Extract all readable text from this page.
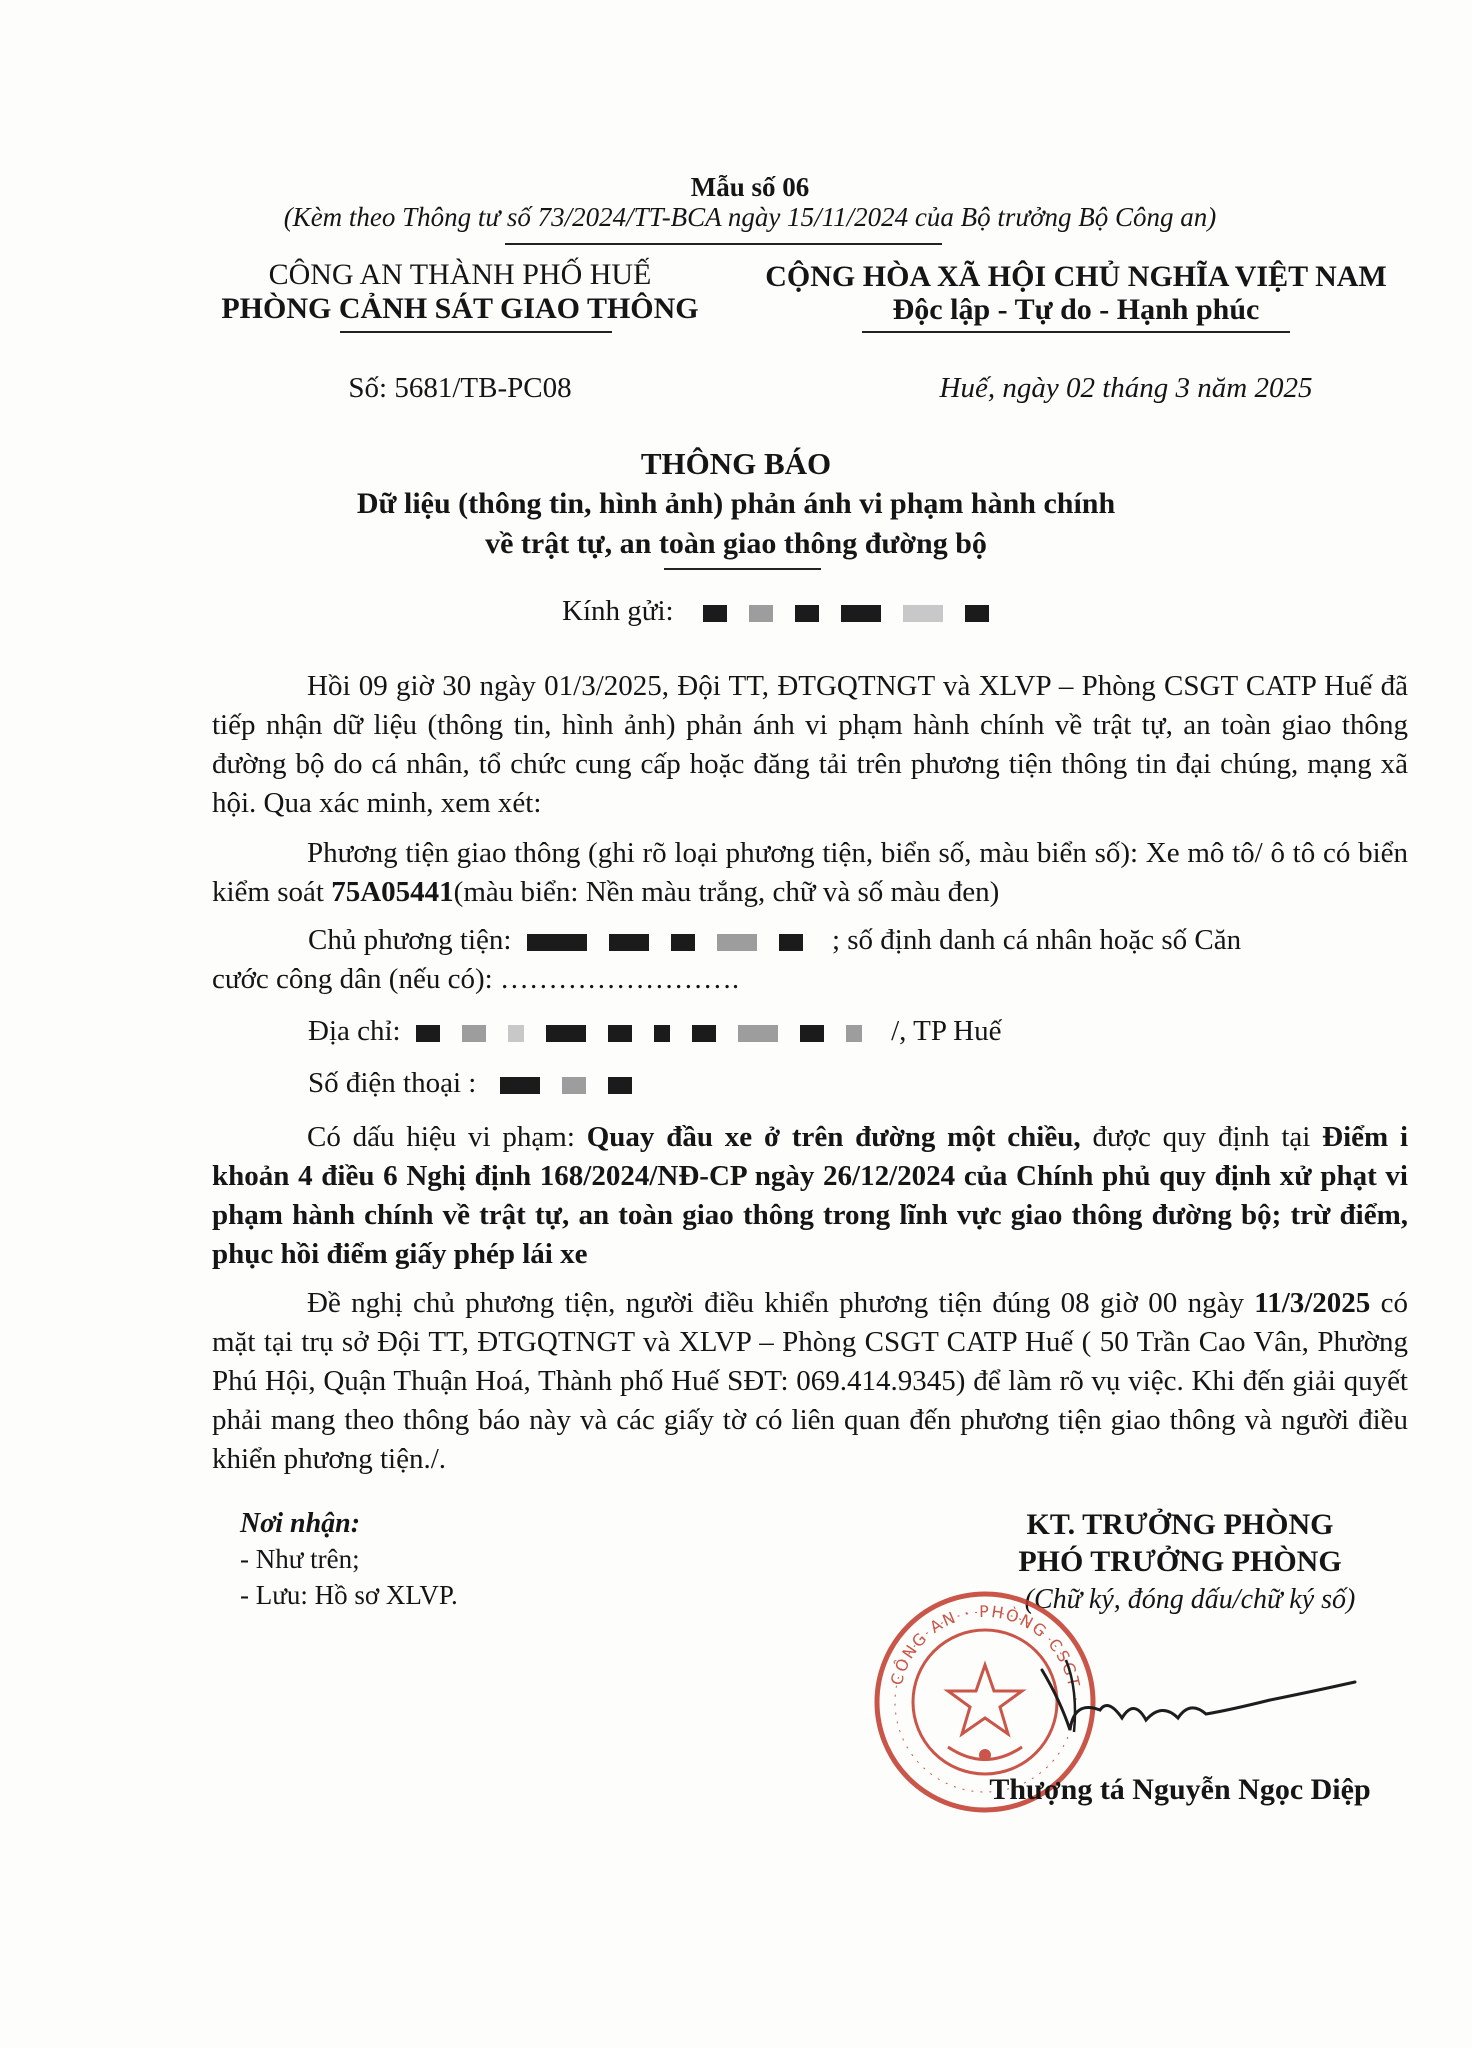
Mẫu số 06
(Kèm theo Thông tư số 73/2024/TT-BCA ngày 15/11/2024 của Bộ trưởng Bộ Công an)
CÔNG AN THÀNH PHỐ HUẾ
PHÒNG CẢNH SÁT GIAO THÔNG
Số: 5681/TB-PC08
CỘNG HÒA XÃ HỘI CHỦ NGHĨA VIỆT NAM
Độc lập - Tự do - Hạnh phúc
Huế, ngày 02 tháng 3 năm 2025
THÔNG BÁO
Dữ liệu (thông tin, hình ảnh) phản ánh vi phạm hành chính
về trật tự, an toàn giao thông đường bộ
Kính gửi:
Hồi 09 giờ 30 ngày 01/3/2025, Đội TT, ĐTGQTNGT và XLVP – Phòng CSGT CATP Huế đã tiếp nhận dữ liệu (thông tin, hình ảnh) phản ánh vi phạm hành chính về trật tự, an toàn giao thông đường bộ do cá nhân, tổ chức cung cấp hoặc đăng tải trên phương tiện thông tin đại chúng, mạng xã hội. Qua xác minh, xem xét:
Phương tiện giao thông (ghi rõ loại phương tiện, biển số, màu biển số): Xe mô tô/ ô tô có biển kiểm soát 75A05441(màu biển: Nền màu trắng, chữ và số màu đen)
Chủ phương tiện:	; số định danh cá nhân hoặc số Căn
cước công dân (nếu có): …………………….
Địa chỉ:	/, TP Huế
Số điện thoại :
Có dấu hiệu vi phạm: Quay đầu xe ở trên đường một chiều, được quy định tại Điểm i khoản 4 điều 6 Nghị định 168/2024/NĐ-CP ngày 26/12/2024 của Chính phủ quy định xử phạt vi phạm hành chính về trật tự, an toàn giao thông trong lĩnh vực giao thông đường bộ; trừ điểm, phục hồi điểm giấy phép lái xe
Đề nghị chủ phương tiện, người điều khiển phương tiện đúng 08 giờ 00 ngày 11/3/2025 có mặt tại trụ sở Đội TT, ĐTGQTNGT và XLVP – Phòng CSGT CATP Huế ( 50 Trần Cao Vân, Phường Phú Hội, Quận Thuận Hoá, Thành phố Huế SĐT: 069.414.9345) để làm rõ vụ việc. Khi đến giải quyết phải mang theo thông báo này và các giấy tờ có liên quan đến phương tiện giao thông và người điều khiển phương tiện./.
Nơi nhận:
- Như trên;
- Lưu: Hồ sơ XLVP.
KT. TRƯỞNG PHÒNG
PHÓ TRƯỞNG PHÒNG
(Chữ ký, đóng dấu/chữ ký số)
CÔNG AN · PHÒNG CSGT ·
Thượng tá Nguyễn Ngọc Diệp
